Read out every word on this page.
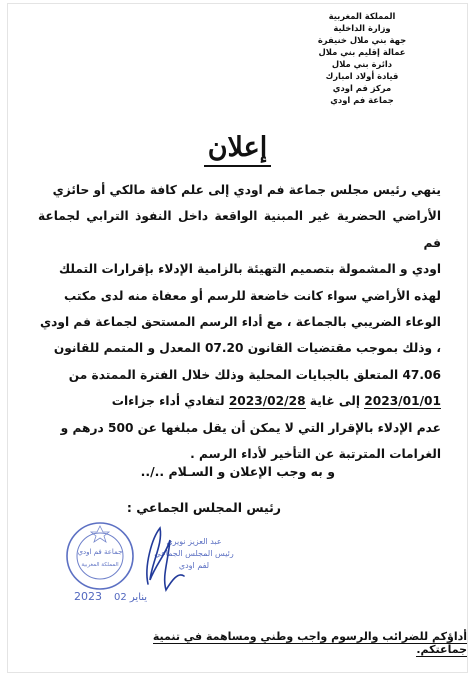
المملكة المغربية
وزارة الداخلية
جهة بني ملال خنيفرة
عمالة إقليم بني ملال
دائرة بني ملال
قيادة أولاد امبارك
مركز فم اودي
جماعة فم اودي
إعلان

ينهي رئيس مجلس جماعة فم اودي إلى علم كافة مالكي أو حائزي

الأراضي الحضرية غير المبنية الواقعة داخل النفوذ الترابي لجماعة فم

اودي و المشمولة بتصميم التهيئة بالزامية الإدلاء بإقرارات التملك

لهذه الأراضي سواء كانت خاضعة للرسم أو معفاة منه لدى مكتب

الوعاء الضريبي بالجماعة ، مع أداء الرسم المستحق لجماعة فم اودي

، وذلك بموجب مقتضيات القانون 07.20 المعدل و المتمم للقانون

47.06 المتعلق بالجبايات المحلية وذلك خلال الفترة الممتدة من

2023/01/01 إلى غاية 2023/02/28 لتفادي أداء جزاءات

عدم الإدلاء بالإقرار التي لا يمكن أن يقل مبلغها عن 500 درهم و

الغرامات المترتبة عن التأخير لأداء الرسم .

و به وجب الإعلان و السـلام ../..
رئيس المجلس الجماعي :
جماعة فم اودي
المملكة المغربية
عبد العزيز نويري
رئيس المجلس الجماعي
لفم اودي
2023 02 يناير
أداؤكم للضرائب والرسوم واجب وطني ومساهمة في تنمية جماعتكم.
